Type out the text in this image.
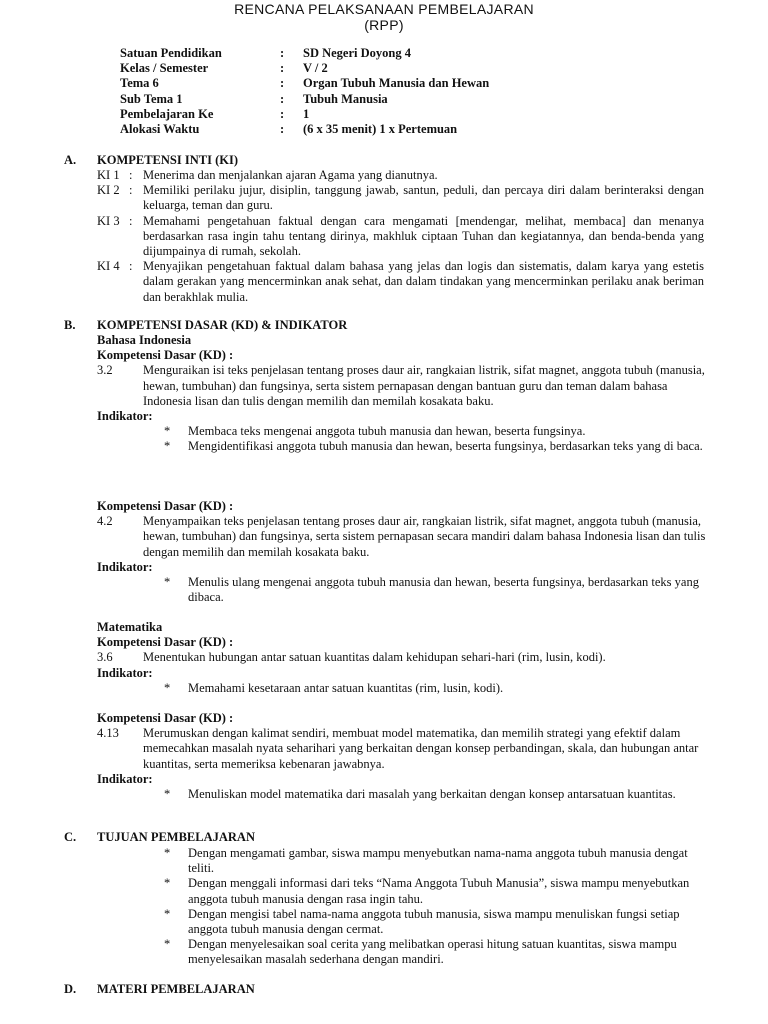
RENCANA PELAKSANAAN PEMBELAJARAN
(RPP)
Satuan Pendidikan	:	SD Negeri Doyong 4
Kelas / Semester	:	V / 2
Tema 6	:	Organ Tubuh Manusia dan Hewan
Sub Tema 1	:	Tubuh Manusia
Pembelajaran Ke	:	1
Alokasi Waktu	:	(6 x 35 menit) 1 x Pertemuan
A.	KOMPETENSI INTI (KI)
KI 1 : Menerima dan menjalankan ajaran Agama yang dianutnya.
KI 2 : Memiliki perilaku jujur, disiplin, tanggung jawab, santun, peduli, dan percaya diri dalam berinteraksi dengan keluarga, teman dan guru.
KI 3 : Memahami pengetahuan faktual dengan cara mengamati [mendengar, melihat, membaca] dan menanya berdasarkan rasa ingin tahu tentang dirinya, makhluk ciptaan Tuhan dan kegiatannya, dan benda-benda yang dijumpainya di rumah, sekolah.
KI 4 : Menyajikan pengetahuan faktual dalam bahasa yang jelas dan logis dan sistematis, dalam karya yang estetis dalam gerakan yang mencerminkan anak sehat, dan dalam tindakan yang mencerminkan perilaku anak beriman dan berakhlak mulia.
B.	KOMPETENSI DASAR (KD) & INDIKATOR
Bahasa Indonesia
Kompetensi Dasar (KD) :
3.2	Menguraikan isi teks penjelasan tentang proses daur air, rangkaian listrik, sifat magnet, anggota tubuh (manusia, hewan, tumbuhan) dan fungsinya, serta sistem pernapasan dengan bantuan guru dan teman dalam bahasa Indonesia lisan dan tulis dengan memilih dan memilah kosakata baku.
Indikator:
*	Membaca teks mengenai anggota tubuh manusia dan hewan, beserta fungsinya.
*	Mengidentifikasi anggota tubuh manusia dan hewan, beserta fungsinya, berdasarkan teks yang di baca.
Kompetensi Dasar (KD) :
4.2	Menyampaikan teks penjelasan tentang proses daur air, rangkaian listrik, sifat magnet, anggota tubuh (manusia, hewan, tumbuhan) dan fungsinya, serta sistem pernapasan secara mandiri dalam bahasa Indonesia lisan dan tulis dengan memilih dan memilah kosakata baku.
Indikator:
*	Menulis ulang mengenai anggota tubuh manusia dan hewan, beserta fungsinya, berdasarkan teks yang dibaca.
Matematika
Kompetensi Dasar (KD) :
3.6	Menentukan hubungan antar satuan kuantitas dalam kehidupan sehari-hari (rim, lusin, kodi).
Indikator:
*	Memahami kesetaraan antar satuan kuantitas (rim, lusin, kodi).
Kompetensi Dasar (KD) :
4.13	Merumuskan dengan kalimat sendiri, membuat model matematika, dan memilih strategi yang efektif dalam memecahkan masalah nyata seharihari yang berkaitan dengan konsep perbandingan, skala, dan hubungan antar kuantitas, serta memeriksa kebenaran jawabnya.
Indikator:
*	Menuliskan model matematika dari masalah yang berkaitan dengan konsep antarsatuan kuantitas.
C.	TUJUAN PEMBELAJARAN
*	Dengan mengamati gambar, siswa mampu menyebutkan nama-nama anggota tubuh manusia dengat teliti.
*	Dengan menggali informasi dari teks “Nama Anggota Tubuh Manusia”, siswa mampu menyebutkan anggota tubuh manusia dengan rasa ingin tahu.
*	Dengan mengisi tabel nama-nama anggota tubuh manusia, siswa mampu menuliskan fungsi setiap anggota tubuh manusia dengan cermat.
*	Dengan menyelesaikan soal cerita yang melibatkan operasi hitung satuan kuantitas, siswa mampu menyelesaikan masalah sederhana dengan mandiri.
D.	MATERI PEMBELAJARAN
